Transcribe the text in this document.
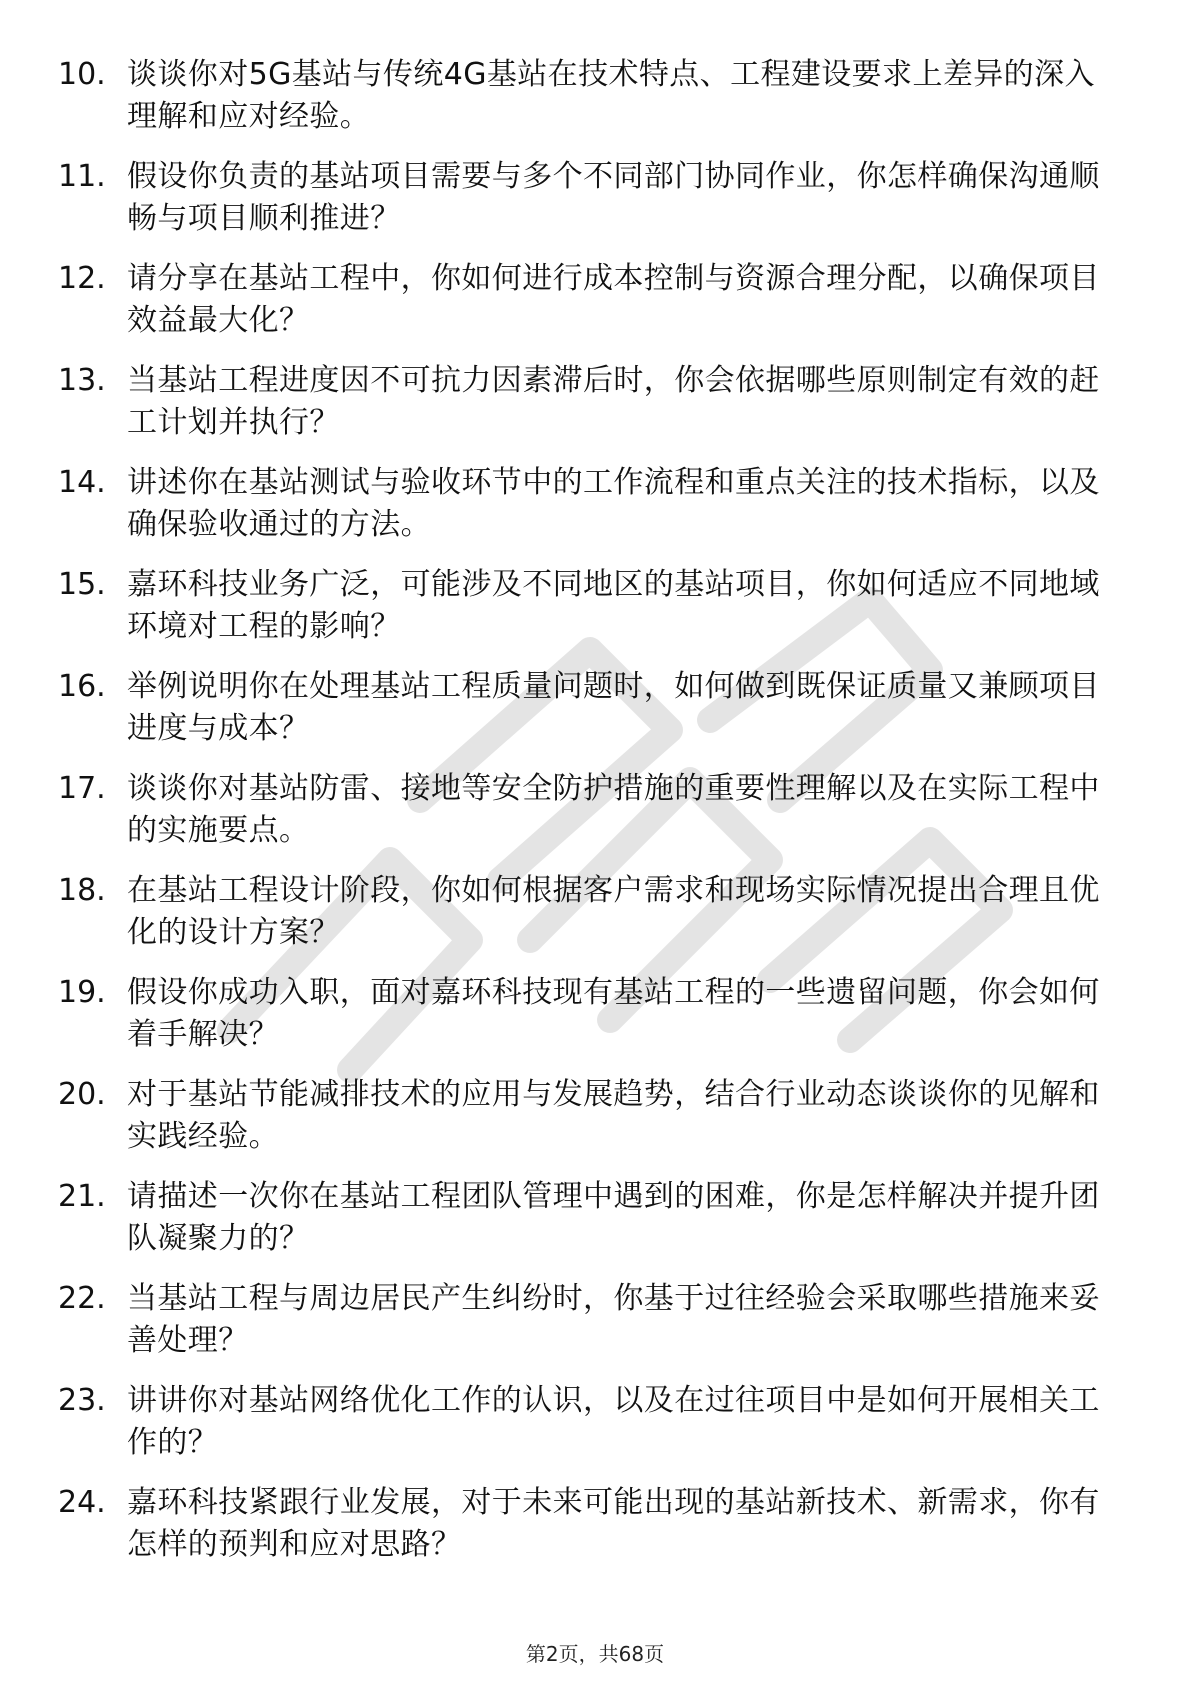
10. 谈谈你对5G基站与传统4G基站在技术特点、工程建设要求上差异的深入理解和应对经验。
11. 假设你负责的基站项目需要与多个不同部门协同作业，你怎样确保沟通顺畅与项目顺利推进？
12. 请分享在基站工程中，你如何进行成本控制与资源合理分配，以确保项目效益最大化？
13. 当基站工程进度因不可抗力因素滞后时，你会依据哪些原则制定有效的赶工计划并执行？
14. 讲述你在基站测试与验收环节中的工作流程和重点关注的技术指标，以及确保验收通过的方法。
15. 嘉环科技业务广泛，可能涉及不同地区的基站项目，你如何适应不同地域环境对工程的影响？
16. 举例说明你在处理基站工程质量问题时，如何做到既保证质量又兼顾项目进度与成本？
17. 谈谈你对基站防雷、接地等安全防护措施的重要性理解以及在实际工程中的实施要点。
18. 在基站工程设计阶段，你如何根据客户需求和现场实际情况提出合理且优化的设计方案？
19. 假设你成功入职，面对嘉环科技现有基站工程的一些遗留问题，你会如何着手解决？
20. 对于基站节能减排技术的应用与发展趋势，结合行业动态谈谈你的见解和实践经验。
21. 请描述一次你在基站工程团队管理中遇到的困难，你是怎样解决并提升团队凝聚力的？
22. 当基站工程与周边居民产生纠纷时，你基于过往经验会采取哪些措施来妥善处理？
23. 讲讲你对基站网络优化工作的认识，以及在过往项目中是如何开展相关工作的？
24. 嘉环科技紧跟行业发展，对于未来可能出现的基站新技术、新需求，你有怎样的预判和应对思路？
第2页，共68页
